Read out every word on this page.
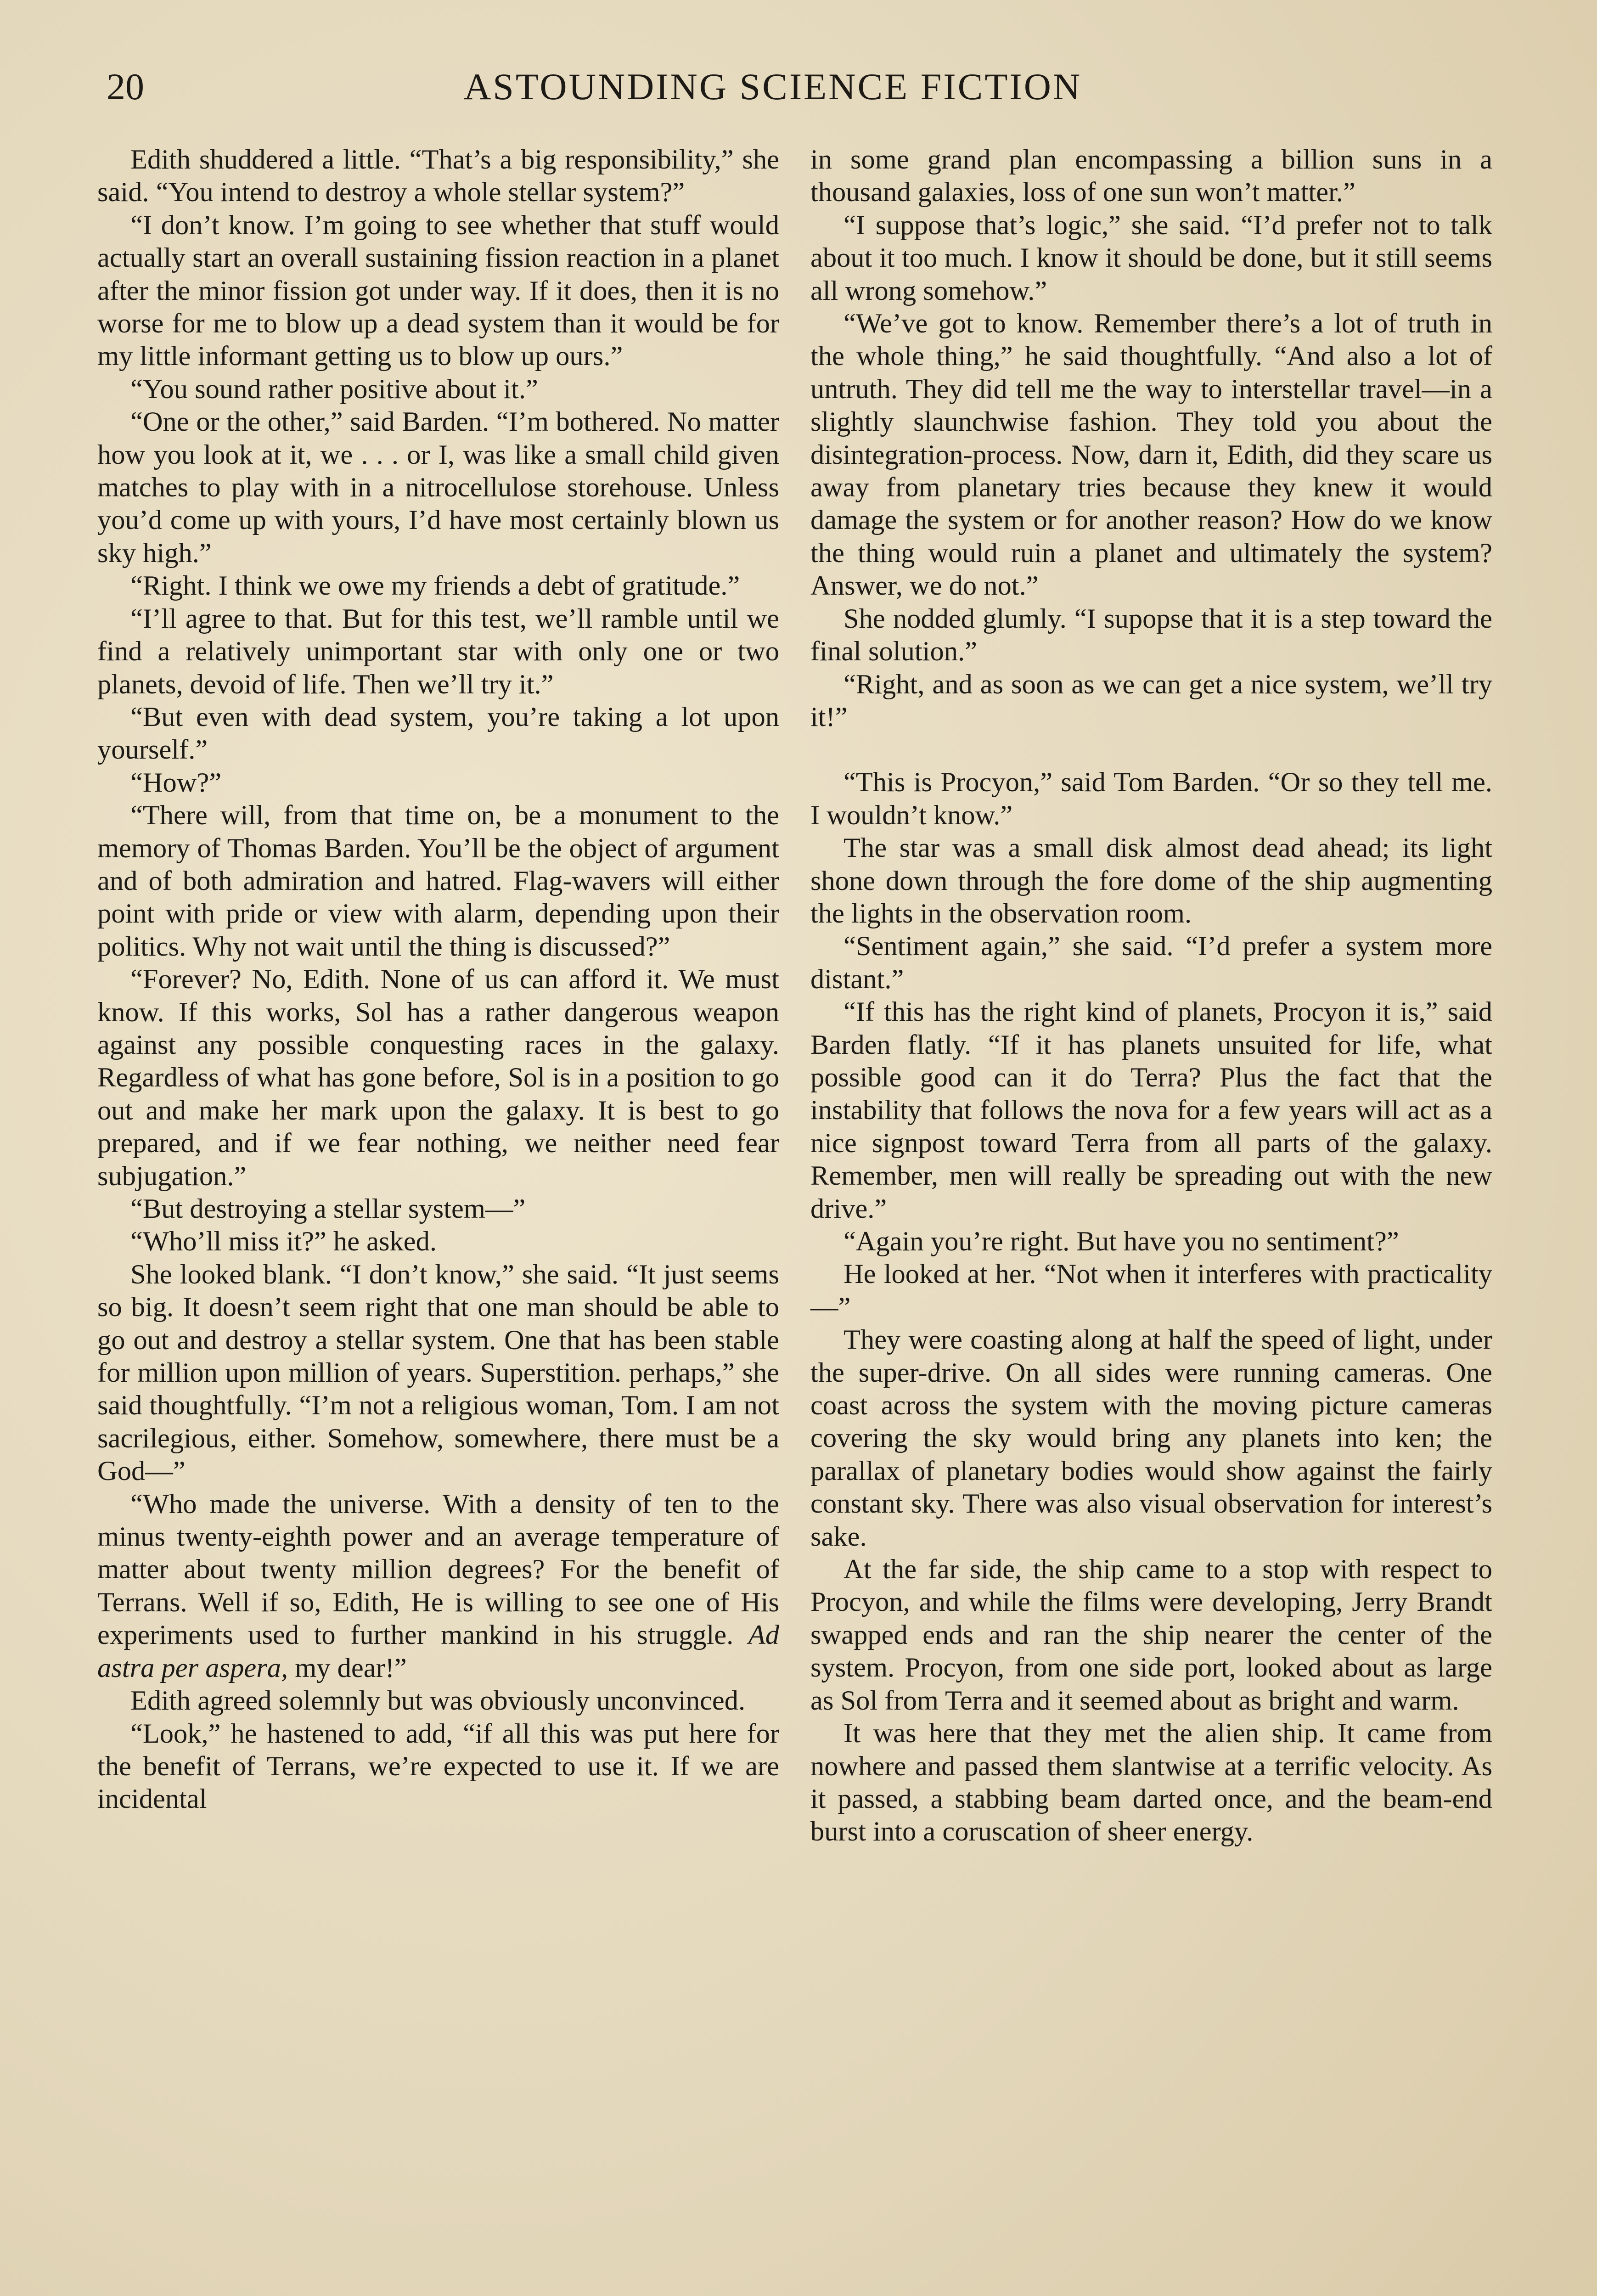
20	ASTOUNDING SCIENCE FICTION

Edith shuddered a little. “That’s a big responsibility,” she said. “You intend to destroy a whole stellar system?”

“I don’t know. I’m going to see whether that stuff would actually start an overall sustaining fission reaction in a planet after the minor fission got under way. If it does, then it is no worse for me to blow up a dead system than it would be for my little informant getting us to blow up ours.”

“You sound rather positive about it.”

“One or the other,” said Barden. “I’m bothered. No matter how you look at it, we . . . or I, was like a small child given matches to play with in a nitrocellulose storehouse. Unless you’d come up with yours, I’d have most certainly blown us sky high.”

“Right. I think we owe my friends a debt of gratitude.”

“I’ll agree to that. But for this test, we’ll ramble until we find a relatively unimportant star with only one or two planets, devoid of life. Then we’ll try it.”

“But even with dead system, you’re taking a lot upon yourself.”

“How?”

“There will, from that time on, be a monument to the memory of Thomas Barden. You’ll be the object of argument and of both admiration and hatred. Flag-wavers will either point with pride or view with alarm, depending upon their politics. Why not wait until the thing is discussed?”

“Forever? No, Edith. None of us can afford it. We must know. If this works, Sol has a rather dangerous weapon against any possible conquesting races in the galaxy. Regardless of what has gone before, Sol is in a position to go out and make her mark upon the galaxy. It is best to go prepared, and if we fear nothing, we neither need fear subjugation.”

“But destroying a stellar system—”

“Who’ll miss it?” he asked.

She looked blank. “I don’t know,” she said. “It just seems so big. It doesn’t seem right that one man should be able to go out and destroy a stellar system. One that has been stable for million upon million of years. Superstition. perhaps,” she said thoughtfully. “I’m not a religious woman, Tom. I am not sacrilegious, either. Somehow, somewhere, there must be a God—”

“Who made the universe. With a density of ten to the minus twenty-eighth power and an average temperature of matter about twenty million degrees? For the benefit of Terrans. Well if so, Edith, He is willing to see one of His experiments used to further mankind in his struggle. Ad astra per aspera, my dear!”

Edith agreed solemnly but was obviously unconvinced.

“Look,” he hastened to add, “if all this was put here for the benefit of Terrans, we’re expected to use it. If we are incidental

in some grand plan encompassing a billion suns in a thousand galaxies, loss of one sun won’t matter.”

“I suppose that’s logic,” she said. “I’d prefer not to talk about it too much. I know it should be done, but it still seems all wrong somehow.”

“We’ve got to know. Remember there’s a lot of truth in the whole thing,” he said thoughtfully. “And also a lot of untruth. They did tell me the way to interstellar travel—in a slightly slaunchwise fashion. They told you about the disintegration-process. Now, darn it, Edith, did they scare us away from planetary tries because they knew it would damage the system or for another reason? How do we know the thing would ruin a planet and ultimately the system? Answer, we do not.”

She nodded glumly. “I supopse that it is a step toward the final solution.”

“Right, and as soon as we can get a nice system, we’ll try it!”

“This is Procyon,” said Tom Barden. “Or so they tell me. I wouldn’t know.”

The star was a small disk almost dead ahead; its light shone down through the fore dome of the ship augmenting the lights in the observation room.

“Sentiment again,” she said. “I’d prefer a system more distant.”

“If this has the right kind of planets, Procyon it is,” said Barden flatly. “If it has planets unsuited for life, what possible good can it do Terra? Plus the fact that the instability that follows the nova for a few years will act as a nice signpost toward Terra from all parts of the galaxy. Remember, men will really be spreading out with the new drive.”

“Again you’re right. But have you no sentiment?”

He looked at her. “Not when it interferes with practicality—”

They were coasting along at half the speed of light, under the super-drive. On all sides were running cameras. One coast across the system with the moving picture cameras covering the sky would bring any planets into ken; the parallax of planetary bodies would show against the fairly constant sky. There was also visual observation for interest’s sake.

At the far side, the ship came to a stop with respect to Procyon, and while the films were developing, Jerry Brandt swapped ends and ran the ship nearer the center of the system. Procyon, from one side port, looked about as large as Sol from Terra and it seemed about as bright and warm.

It was here that they met the alien ship. It came from nowhere and passed them slantwise at a terrific velocity. As it passed, a stabbing beam darted once, and the beam-end burst into a coruscation of sheer energy.
